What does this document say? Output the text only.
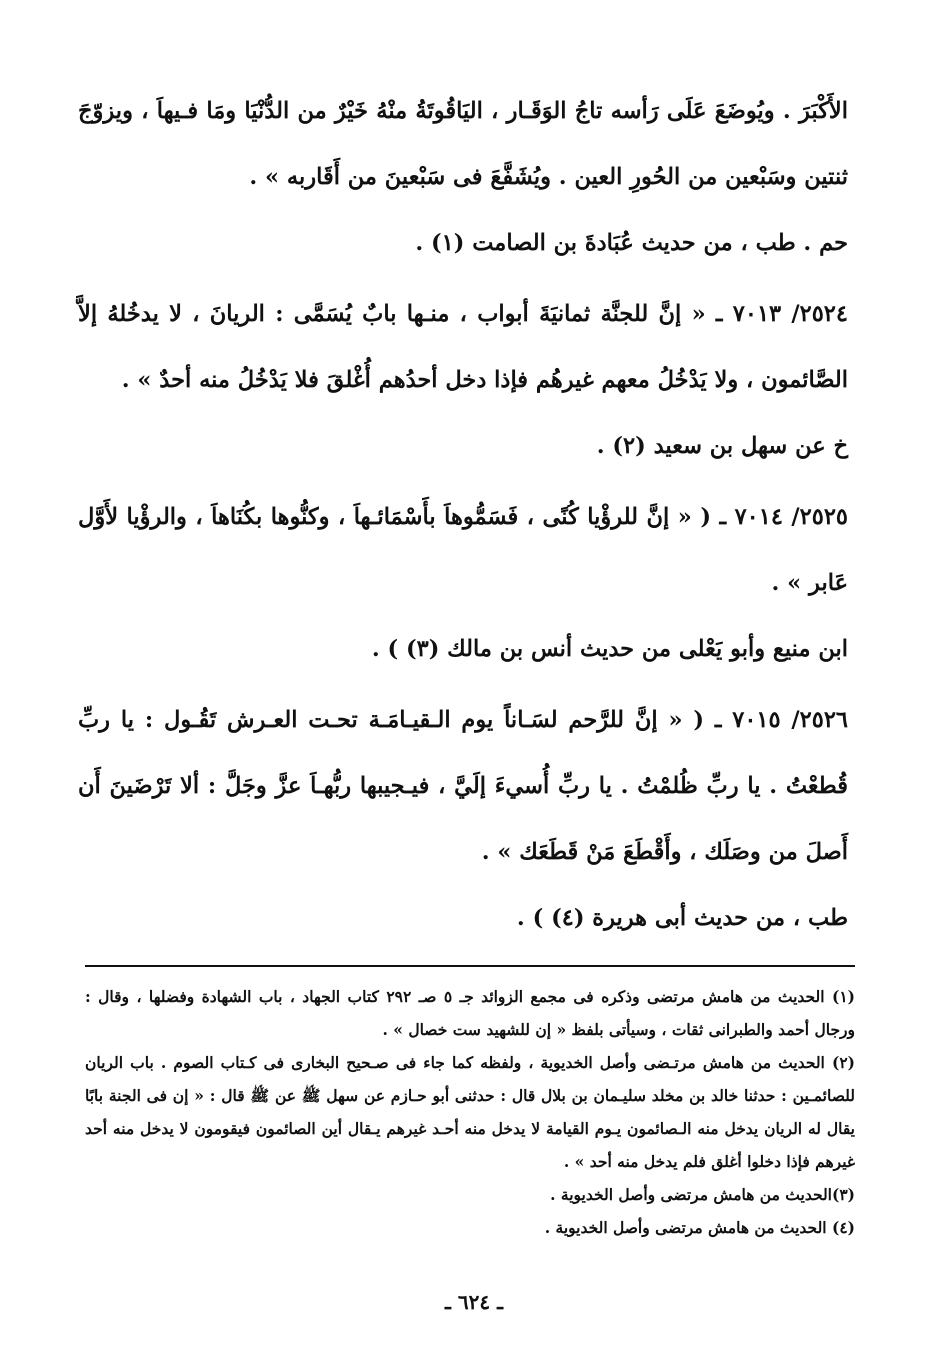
الأَكْبَرَ . ويُوضَعَ عَلَى رَأسه تاجُ الوَقَـار ، اليَاقُوتَةُ منْهُ خَيْرٌ من الدُّنْيَا ومَا فـيهاَ ، ويزوّجَ ثنتين وسَبْعين من الحُورِ العين . ويُشَفَّعَ فى سَبْعينَ من أَقَاربه » .

حم . طب ، من حديث عُبَادةَ بن الصامت (١) .

٢٥٢٤/ ٧٠١٣ ـ « إنَّ للجنَّة ثمانيَةَ أبواب ، منـها بابٌ يُسَمَّى : الريانَ ، لا يدخُلهُ إلاَّ الصَّائمون ، ولا يَدْخُلُ معهم غيرهُم فإذا دخل أحدُهم أُغْلقَ فلا يَدْخُلُ منه أحدٌ » .

خ عن سهل بن سعيد (٢) .

٢٥٢٥/ ٧٠١٤ ـ ( « إنَّ للرؤْيا كُنًى ، فَسَمُّوهاَ بأَسْمَائـهاَ ، وكنُّوها بكُنَاهاَ ، والرؤْيا لأَوَّل عَابر » .

ابن منيع وأبو يَعْلى من حديث أنس بن مالك (٣) ) .

٢٥٢٦/ ٧٠١٥ ـ ( « إنَّ للرَّحم لسَـاناً يوم الـقيـامَـة تحـت العـرش تَقُـول : يا ربِّ قُطعْتُ . يا ربِّ ظُلمْتُ . يا ربِّ أُسيءَ إلَيَّ ، فيـجيبها ربُّهـاَ عزَّ وجَلَّ : ألا تَرْضَينَ أَن أَصلَ من وصَلَك ، وأَقْطَعَ مَنْ قَطَعَك » .

طب ، من حديث أبى هريرة (٤) ) .

(١) الحديث من هامش مرتضى وذكره فى مجمع الزوائد جـ ٥ صـ ٢٩٢ كتاب الجهاد ، باب الشهادة وفضلها ، وقال : ورجال أحمد والطبرانى ثقات ، وسيأتى بلفظ « إن للشهيد ست خصال » .

(٢) الحديث من هامش مرتـضى وأصل الخديوية ، ولفظه كما جاء فى صـحيح البخارى فى كـتاب الصوم . باب الريان للصائمـين : حدثنا خالد بن مخلد سليـمان بن بلال قال : حدثنى أبو حـازم عن سهل ﷺ عن ﷺ قال : « إن فى الجنة بابًا يقال له الريان يدخل منه الـصائمون يـوم القيامة لا يدخل منه أحـد غيرهم يـقال أين الصائمون فيقومون لا يدخل منه أحد غيرهم فإذا دخلوا أغلق فلم يدخل منه أحد » .

(٣)الحديث من هامش مرتضى وأصل الخديوية .

(٤) الحديث من هامش مرتضى وأصل الخديوية .

ـ ٦٢٤ ـ
